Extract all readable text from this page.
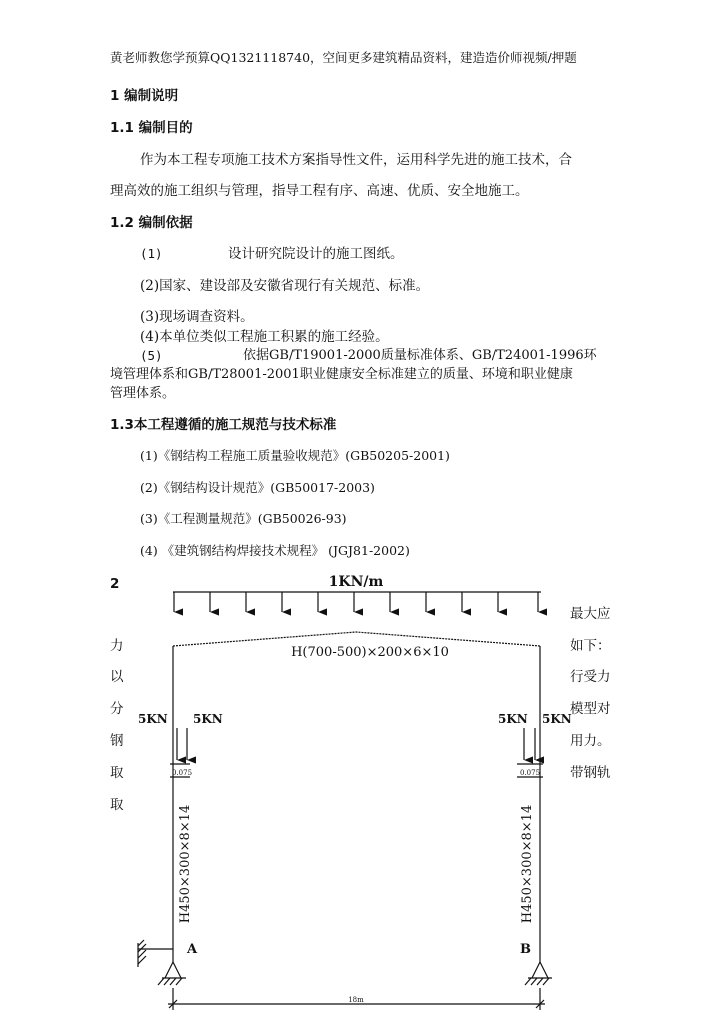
黄老师教您学预算QQ1321118740，空间更多建筑精品资料，建造造价师视频/押题
1 编制说明
1.1 编制目的
作为本工程专项施工技术方案指导性文件，运用科学先进的施工技术，合
理高效的施工组织与管理，指导工程有序、高速、优质、安全地施工。
1.2 编制依据
(1)	设计研究院设计的施工图纸。
(2)国家、建设部及安徽省现行有关规范、标准。
(3)现场调查资料。
(4)本单位类似工程施工积累的施工经验。
(5)	依据GB/T19001-2000质量标准体系、GB/T24001-1996环
境管理体系和GB/T28001-2001职业健康安全标准建立的质量、环境和职业健康
管理体系。
1.3本工程遵循的施工规范与技术标准
(1)《钢结构工程施工质量验收规范》(GB50205-2001)
(2)《钢结构设计规范》(GB50017-2003)
(3)《工程测量规范》(GB50026-93)
(4) 《建筑钢结构焊接技术规程》 (JGJ81-2002)
2
力
以
分
钢
取
取
最大应
如下：
行受力
模型对
用力。
带钢轨
1KN/m
H(700-500)×200×6×10
5KN 5KN	5KN 5KN
0.075	0.075
H450×300×8×14	H450×300×8×14
A	B
18m
